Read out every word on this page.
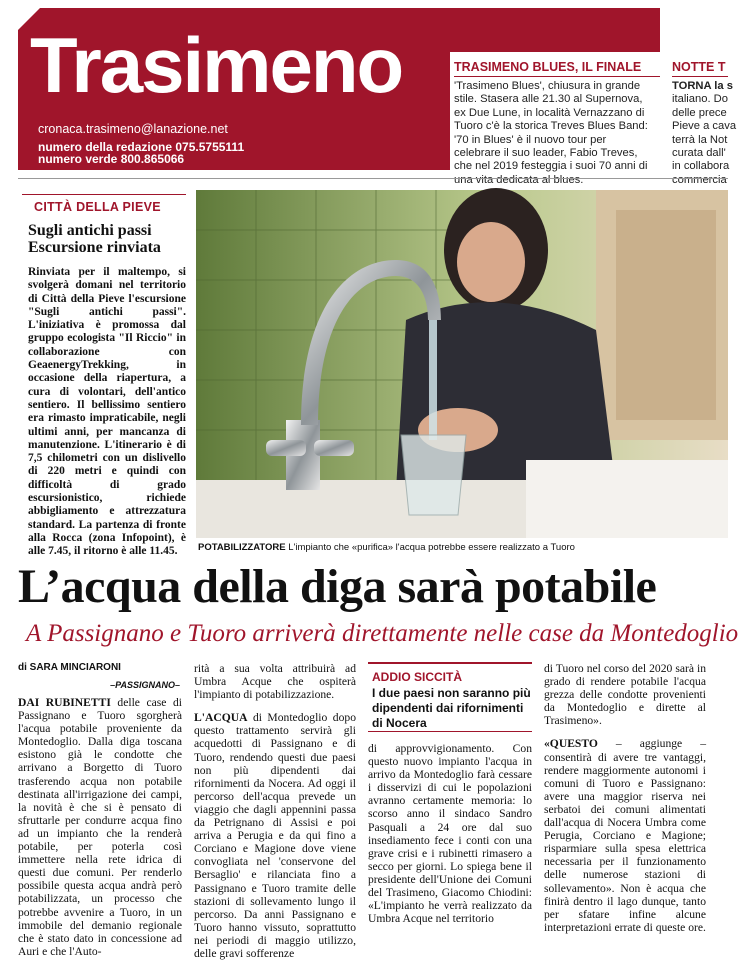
Trasimeno
cronaca.trasimeno@lanazione.net
numero della redazione 075.5755111
numero verde 800.865066
TRASIMENO BLUES, IL FINALE
'Trasimeno Blues', chiusura in grande stile. Stasera alle 21.30 al Supernova, ex Due Lune, in località Vernazzano di Tuoro c'è la storica Treves Blues Band: '70 in Blues' è il nuovo tour per celebrare il suo leader, Fabio Treves, che nel 2019 festeggia i suoi 70 anni di una vita dedicata al blues.
NOTTE T
TORNA la s
italiano. Do
delle prece
Pieve a cava
terrà la Not
curata dall'
in collabora
commercia
CITTÀ DELLA PIEVE
Sugli antichi passi
Escursione rinviata
Rinviata per il maltempo, si svolgerà domani nel territorio di Città della Pieve l'escursione "Sugli antichi passi". L'iniziativa è promossa dal gruppo ecologista "Il Riccio" in collaborazione con GeaenergyTrekking, in occasione della riapertura, a cura di volontari, dell'antico sentiero. Il bellissimo sentiero era rimasto impraticabile, negli ultimi anni, per mancanza di manutenzione. L'itinerario è di 7,5 chilometri con un dislivello di 220 metri e quindi con difficoltà di grado escursionistico, richiede abbigliamento e attrezzatura standard. La partenza di fronte alla Rocca (zona Infopoint), è alle 7.45, il ritorno è alle 11.45.	POTABILIZZATORE L'impianto che «purifica» l'acqua potrebbe essere realizzato a Tuoro
L’acqua della diga sarà potabile
A Passignano e Tuoro arriverà direttamente nelle case da Montedoglio
di SARA MINCIARONI
–PASSIGNANO–
DAI RUBINETTI delle case di Passignano e Tuoro sgorgherà l'acqua potabile proveniente da Montedoglio. Dalla diga toscana esistono già le condotte che arrivano a Borgetto di Tuoro trasferendo acqua non potabile destinata all'irrigazione dei campi, la novità è che si è pensato di sfruttarle per condurre acqua fino ad un impianto che la renderà potabile, per poterla così immettere nella rete idrica di questi due comuni. Per renderlo possibile questa acqua andrà però potabilizzata, un processo che potrebbe avvenire a Tuoro, in un immobile del demanio regionale che è stato dato in concessione ad Auri e che l'Auto-

rità a sua volta attribuirà ad Umbra Acque che ospiterà l'impianto di potabilizzazione.

L'ACQUA di Montedoglio dopo questo trattamento servirà gli acquedotti di Passignano e di Tuoro, rendendo questi due paesi non più dipendenti dai rifornimenti da Nocera. Ad oggi il percorso dell'acqua prevede un viaggio che dagli appennini passa da Petrignano di Assisi e poi arriva a Perugia e da qui fino a Corciano e Magione dove viene convogliata nel 'conservone del Bersaglio' e rilanciata fino a Passignano e Tuoro tramite delle stazioni di sollevamento lungo il percorso. Da anni Passignano e Tuoro hanno vissuto, soprattutto nei periodi di maggio utilizzo, delle gravi sofferenze

ADDIO SICCITÀ
I due paesi non saranno più dipendenti dai rifornimenti di Nocera
di approvvigionamento. Con questo nuovo impianto l'acqua in arrivo da Montedoglio farà cessare i disservizi di cui le popolazioni avranno certamente memoria: lo scorso anno il sindaco Sandro Pasquali a 24 ore dal suo insediamento fece i conti con una grave crisi e i rubinetti rimasero a secco per giorni. Lo spiega bene il presidente dell'Unione dei Comuni del Trasimeno, Giacomo Chiodini: «L'impianto he verrà realizzato da Umbra Acque nel territorio

di Tuoro nel corso del 2020 sarà in grado di rendere potabile l'acqua grezza delle condotte provenienti da Montedoglio e dirette al Trasimeno».

«QUESTO – aggiunge – consentirà di avere tre vantaggi, rendere maggiormente autonomi i comuni di Tuoro e Passignano: avere una maggior riserva nei serbatoi dei comuni alimentati dall'acqua di Nocera Umbra come Perugia, Corciano e Magione; risparmiare sulla spesa elettrica necessaria per il funzionamento delle numerose stazioni di sollevamento». Non è acqua che finirà dentro il lago dunque, tanto per sfatare infine alcune interpretazioni errate di queste ore.
